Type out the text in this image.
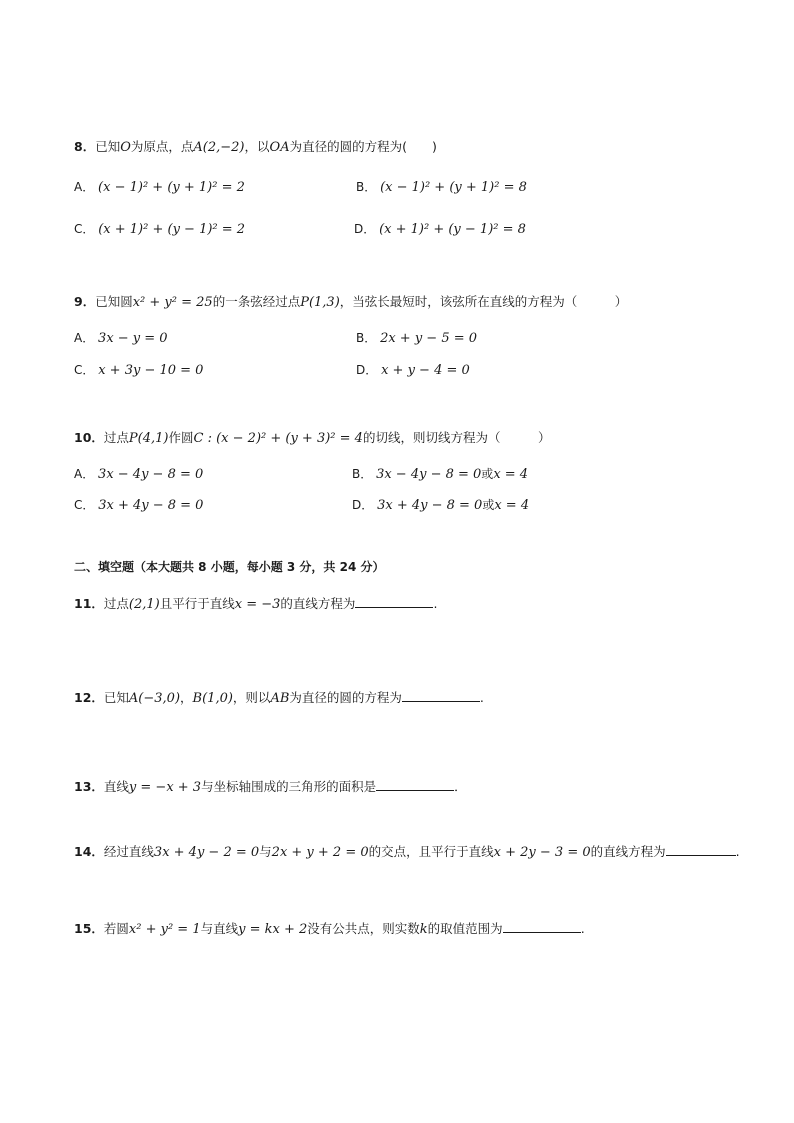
8．已知O为原点，点A(2,−2)，以OA为直径的圆的方程为(　　)
A． (x − 1)² + (y + 1)² = 2	B． (x − 1)² + (y + 1)² = 8
C． (x + 1)² + (y − 1)² = 2	D． (x + 1)² + (y − 1)² = 8
9．已知圆x² + y² = 25的一条弦经过点P(1,3)，当弦长最短时，该弦所在直线的方程为（　　　）
A． 3x − y = 0	B． 2x + y − 5 = 0
C． x + 3y − 10 = 0	D． x + y − 4 = 0
10．过点P(4,1)作圆C : (x − 2)² + (y + 3)² = 4的切线，则切线方程为（　　　）
A． 3x − 4y − 8 = 0	B． 3x − 4y − 8 = 0或x = 4
C． 3x + 4y − 8 = 0	D． 3x + 4y − 8 = 0或x = 4
二、填空题（本大题共 8 小题，每小题 3 分，共 24 分）
11．过点(2,1)且平行于直线x = −3的直线方程为	.
12．已知A(−3,0)，B(1,0)，则以AB为直径的圆的方程为	.
13．直线y = −x + 3与坐标轴围成的三角形的面积是	．
14．经过直线3x + 4y − 2 = 0与2x + y + 2 = 0的交点，且平行于直线x + 2y − 3 = 0的直线方程为	.
15．若圆x² + y² = 1与直线y = kx + 2没有公共点，则实数k的取值范围为	.
